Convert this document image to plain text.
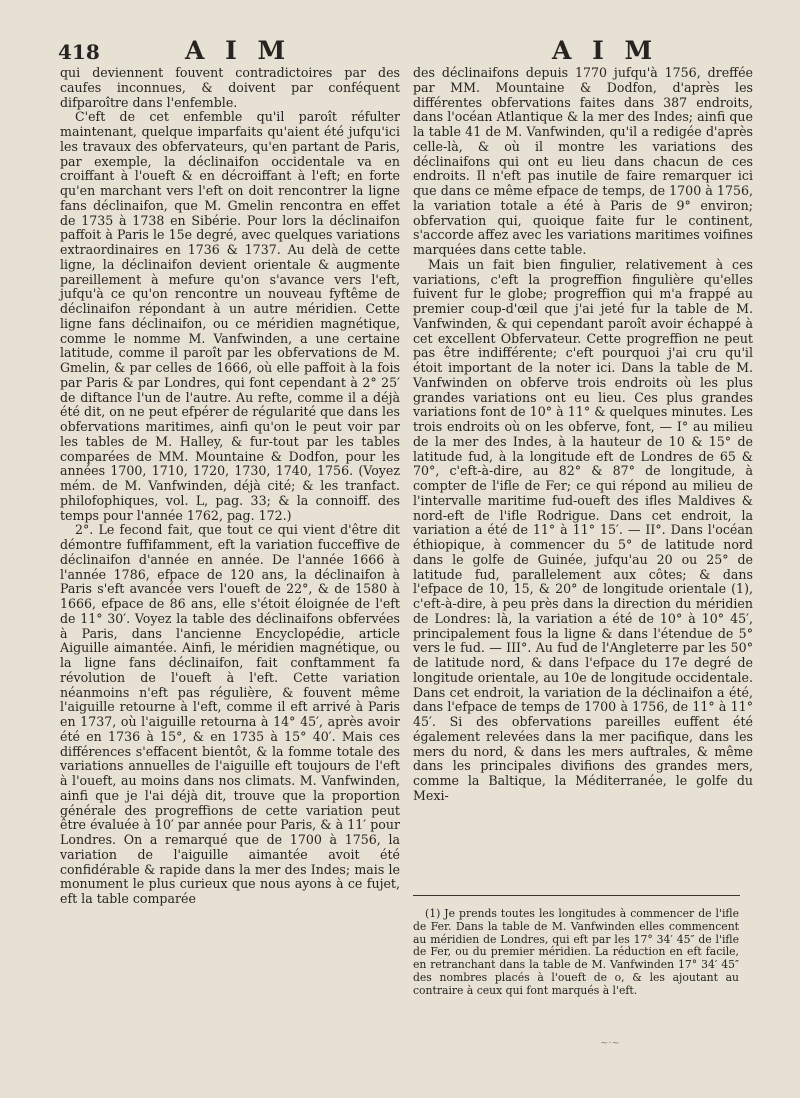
418	A I M	A I M

qui deviennent fouvent contradictoires par des caufes inconnues, & doivent par conféquent difparoître dans l'enfemble.

C'eft de cet enfemble qu'il paroît réfulter maintenant, quelque imparfaits qu'aient été jufqu'ici les travaux des obfervateurs, qu'en partant de Paris, par exemple, la déclinaifon occidentale va en croiffant à l'oueft & en décroiffant à l'eft; en forte qu'en marchant vers l'eft on doit rencontrer la ligne fans déclinaifon, que M. Gmelin rencontra en effet de 1735 à 1738 en Sibérie. Pour lors la déclinaifon paffoit à Paris le 15e degré, avec quelques variations extraordinaires en 1736 & 1737. Au delà de cette ligne, la déclinaifon devient orientale & augmente pareillement à mefure qu'on s'avance vers l'eft, jufqu'à ce qu'on rencontre un nouveau fyftême de déclinaifon répondant à un autre méridien. Cette ligne fans déclinaifon, ou ce méridien magnétique, comme le nomme M. Vanfwinden, a une certaine latitude, comme il paroît par les obfervations de M. Gmelin, & par celles de 1666, où elle paffoit à la fois par Paris & par Londres, qui font cependant à 2° 25′ de diftance l'un de l'autre. Au refte, comme il a déjà été dit, on ne peut efpérer de régularité que dans les obfervations maritimes, ainfi qu'on le peut voir par les tables de M. Halley, & fur-tout par les tables comparées de MM. Mountaine & Dodfon, pour les années 1700, 1710, 1720, 1730, 1740, 1756. (Voyez mém. de M. Vanfwinden, déjà cité; & les tranfact. philofophiques, vol. L, pag. 33; & la connoiff. des temps pour l'année 1762, pag. 172.)

2°. Le fecond fait, que tout ce qui vient d'être dit démontre fuffifamment, eft la variation fucceffive de déclinaifon d'année en année. De l'année 1666 à l'année 1786, efpace de 120 ans, la déclinaifon à Paris s'eft avancée vers l'oueft de 22°, & de 1580 à 1666, efpace de 86 ans, elle s'étoit éloignée de l'eft de 11° 30′. Voyez la table des déclinaifons obfervées à Paris, dans l'ancienne Encyclopédie, article Aiguille aimantée. Ainfi, le méridien magnétique, ou la ligne fans déclinaifon, fait conftamment fa révolution de l'oueft à l'eft. Cette variation néanmoins n'eft pas régulière, & fouvent même l'aiguille retourne à l'eft, comme il eft arrivé à Paris en 1737, où l'aiguille retourna à 14° 45′, après avoir été en 1736 à 15°, & en 1735 à 15° 40′. Mais ces différences s'effacent bientôt, & la fomme totale des variations annuelles de l'aiguille eft toujours de l'eft à l'oueft, au moins dans nos climats. M. Vanfwinden, ainfi que je l'ai déjà dit, trouve que la proportion générale des progreffions de cette variation peut être évaluée à 10′ par année pour Paris, & à 11′ pour Londres. On a remarqué que de 1700 à 1756, la variation de l'aiguille aimantée avoit été confidérable & rapide dans la mer des Indes; mais le monument le plus curieux que nous ayons à ce fujet, eft la table comparée

des déclinaifons depuis 1770 jufqu'à 1756, dreffée par MM. Mountaine & Dodfon, d'après les différentes obfervations faites dans 387 endroits, dans l'océan Atlantique & la mer des Indes; ainfi que la table 41 de M. Vanfwinden, qu'il a redigée d'après celle-là, & où il montre les variations des déclinaifons qui ont eu lieu dans chacun de ces endroits. Il n'eft pas inutile de faire remarquer ici que dans ce même efpace de temps, de 1700 à 1756, la variation totale a été à Paris de 9° environ; obfervation qui, quoique faite fur le continent, s'accorde affez avec les variations maritimes voifines marquées dans cette table.

Mais un fait bien fingulier, relativement à ces variations, c'eft la progreffion fingulière qu'elles fuivent fur le globe; progreffion qui m'a frappé au premier coup-d'œil que j'ai jeté fur la table de M. Vanfwinden, & qui cependant paroît avoir échappé à cet excellent Obfervateur. Cette progreffion ne peut pas être indifférente; c'eft pourquoi j'ai cru qu'il étoit important de la noter ici. Dans la table de M. Vanfwinden on obferve trois endroits où les plus grandes variations ont eu lieu. Ces plus grandes variations font de 10° à 11° & quelques minutes. Les trois endroits où on les obferve, font, — I° au milieu de la mer des Indes, à la hauteur de 10 & 15° de latitude fud, à la longitude eft de Londres de 65 & 70°, c'eft-à-dire, au 82° & 87° de longitude, à compter de l'ifle de Fer; ce qui répond au milieu de l'intervalle maritime fud-oueft des ifles Maldives & nord-eft de l'ifle Rodrigue. Dans cet endroit, la variation a été de 11° à 11° 15′. — II°. Dans l'océan éthiopique, à commencer du 5° de latitude nord dans le golfe de Guinée, jufqu'au 20 ou 25° de latitude fud, parallelement aux côtes; & dans l'efpace de 10, 15, & 20° de longitude orientale (1), c'eft-à-dire, à peu près dans la direction du méridien de Londres: là, la variation a été de 10° à 10° 45′, principalement fous la ligne & dans l'étendue de 5° vers le fud. — III°. Au fud de l'Angleterre par les 50° de latitude nord, & dans l'efpace du 17e degré de longitude orientale, au 10e de longitude occidentale. Dans cet endroit, la variation de la déclinaifon a été, dans l'efpace de temps de 1700 à 1756, de 11° à 11° 45′. Si des obfervations pareilles euffent été également relevées dans la mer pacifique, dans les mers du nord, & dans les mers auftrales, & même dans les principales divifions des grandes mers, comme la Baltique, la Méditerranée, le golfe du Mexi-

(1) Je prends toutes les longitudes à commencer de l'ifle de Fer. Dans la table de M. Vanfwinden elles commencent au méridien de Londres, qui eft par les 17° 34′ 45″ de l'ifle de Fer, ou du premier méridien. La réduction en eft facile, en retranchant dans la table de M. Vanfwinden 17° 34′ 45″ des nombres placés à l'oueft de o, & les ajoutant au contraire à ceux qui font marqués à l'eft.

~·~
